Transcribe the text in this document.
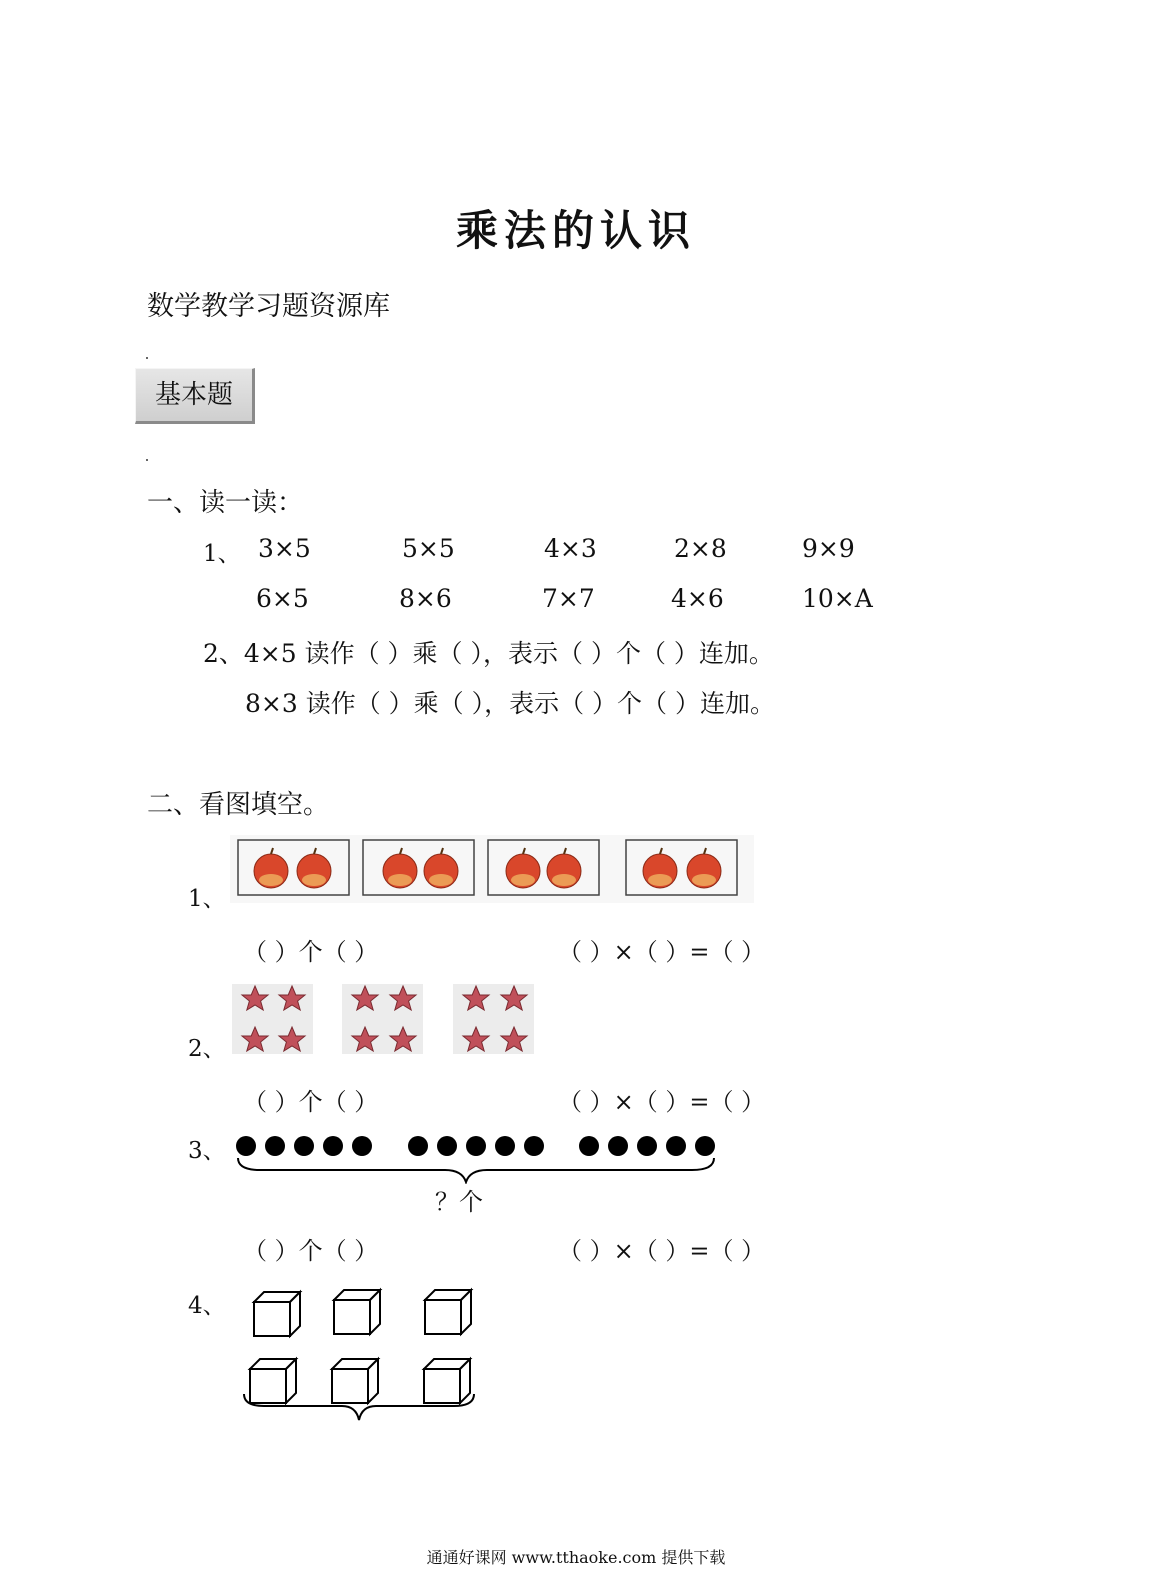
乘法的认识
数学教学习题资源库
基本题
一、读一读：
1、 3×5	5×5	4×3	2×8	9×9
6×5	8×6	7×7	4×6	10×A
2、4×5 读作（ ）乘（ ），表示（ ）个（ ）连加。
8×3 读作（ ）乘（ ），表示（ ）个（ ）连加。
二、看图填空。
1、
（ ）个（ ）	（ ）×（ ）=（ ）
2、
（ ）个（ ）	（ ）×（ ）=（ ）
3、
？个
（ ）个（ ）	（ ）×（ ）=（ ）
4、
通通好课网 www.tthaoke.com 提供下载
